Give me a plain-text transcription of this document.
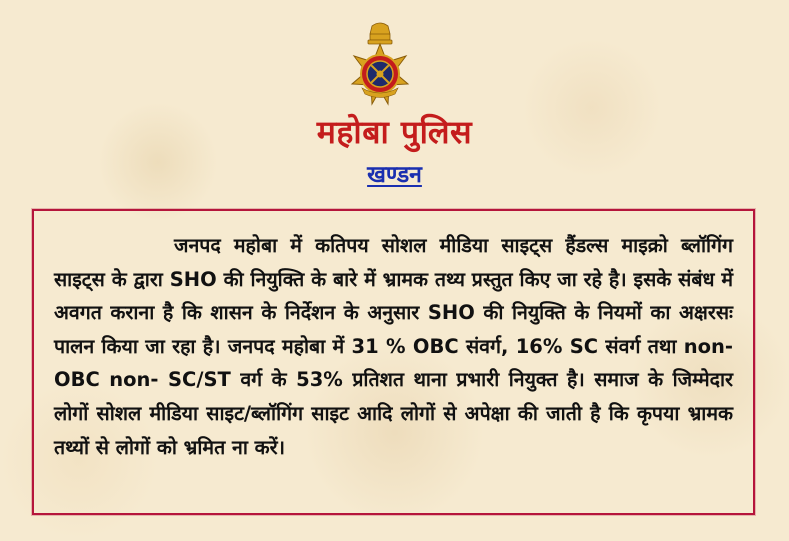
महोबा पुलिस
खण्डन

जनपद महोबा में कतिपय सोशल मीडिया साइट्स हैंडल्स माइक्रो ब्लॉगिंग साइट्स के द्वारा SHO की नियुक्ति के बारे में भ्रामक तथ्य प्रस्तुत किए जा रहे है। इसके संबंध में अवगत कराना है कि शासन के निर्देशन के अनुसार SHO की नियुक्ति के नियमों का अक्षरसः पालन किया जा रहा है। जनपद महोबा में 31 % OBC संवर्ग, 16% SC संवर्ग तथा non-OBC non- SC/ST वर्ग के 53% प्रतिशत थाना प्रभारी नियुक्त है। समाज के जिम्मेदार लोगों सोशल मीडिया साइट/ब्लॉगिंग साइट आदि लोगों से अपेक्षा की जाती है कि कृपया भ्रामक तथ्यों से लोगों को भ्रमित ना करें।
